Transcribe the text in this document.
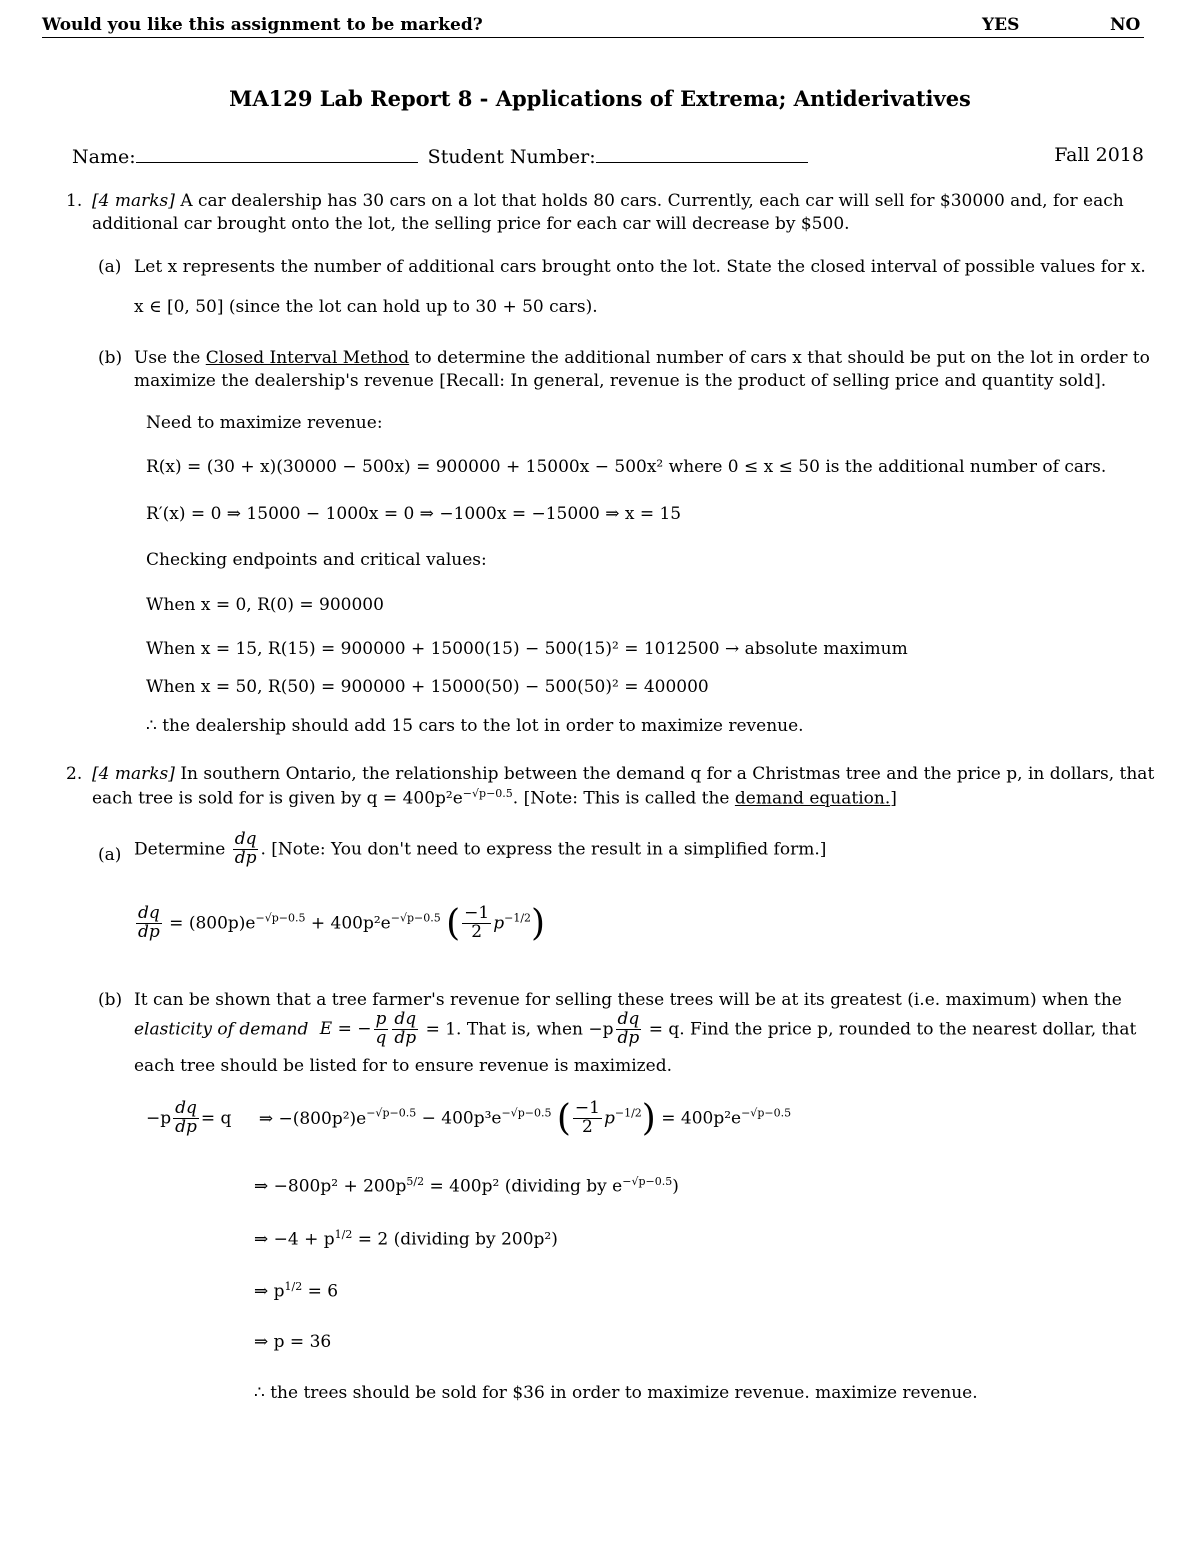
Would you like this assignment to be marked?	YES	NO
MA129 Lab Report 8 - Applications of Extrema; Antiderivatives
Name:	Student Number:	Fall 2018
1. [4 marks] A car dealership has 30 cars on a lot that holds 80 cars. Currently, each car will sell for $30000 and, for each
additional car brought onto the lot, the selling price for each car will decrease by $500.
(a) Let x represents the number of additional cars brought onto the lot. State the closed interval of possible values for x.
x ∈ [0, 50] (since the lot can hold up to 30 + 50 cars).
(b) Use the Closed Interval Method to determine the additional number of cars x that should be put on the lot in order to
maximize the dealership's revenue [Recall: In general, revenue is the product of selling price and quantity sold].
Need to maximize revenue:
R(x) = (30 + x)(30000 − 500x) = 900000 + 15000x − 500x² where 0 ≤ x ≤ 50 is the additional number of cars.
R′(x) = 0 ⇒ 15000 − 1000x = 0 ⇒ −1000x = −15000 ⇒ x = 15
Checking endpoints and critical values:
When x = 0, R(0) = 900000
When x = 15, R(15) = 900000 + 15000(15) − 500(15)² = 1012500 → absolute maximum
When x = 50, R(50) = 900000 + 15000(50) − 500(50)² = 400000
∴ the dealership should add 15 cars to the lot in order to maximize revenue.
2. [4 marks] In southern Ontario, the relationship between the demand q for a Christmas tree and the price p, in dollars, that
each tree is sold for is given by $q = 400p^2e^{-√p-0.5}$. [Note: This is called the demand equation.]
(a) Determine $\frac{dq}{dp}$ . [Note: You don't need to express the result in a simplified form.]
$\frac{dq}{dp} = (800p)e^{-√p-0.5} + 400p^2e^{-√p-0.5}$ ( $\frac{-1}{2} p^{-1/2}$)
(b) It can be shown that a tree farmer's revenue for selling these trees will be at its greatest (i.e. maximum) when the
elasticity of demand E = − $\frac{p}{q} \frac{dq}{dp} = 1$. That is, when $-p \frac{dq}{dp} = q$. Find the price p, rounded to the nearest dollar, that
each tree should be listed for to ensure revenue is maximized.
$-p \frac{dq}{dp} = q$ ⇒ $-(800p^2)e^{-√p-0.5} - 400p^3e^{-√p-0.5}$ ( $\frac{-1}{2} p^{-1/2}) = 400p^2e^{-√p-0.5}$
⇒ $-800p^2 + 200p^{5/2} = 400p^2$ (dividing by $e^{-√p-0.5}$)
⇒ $-4 + p^{1/2} = 2$ (dividing by 200p²)
⇒ $p^{1/2} = 6$
⇒ p = 36
∴ the trees should be sold for $36 in order to maximize revenue. maximize revenue.
